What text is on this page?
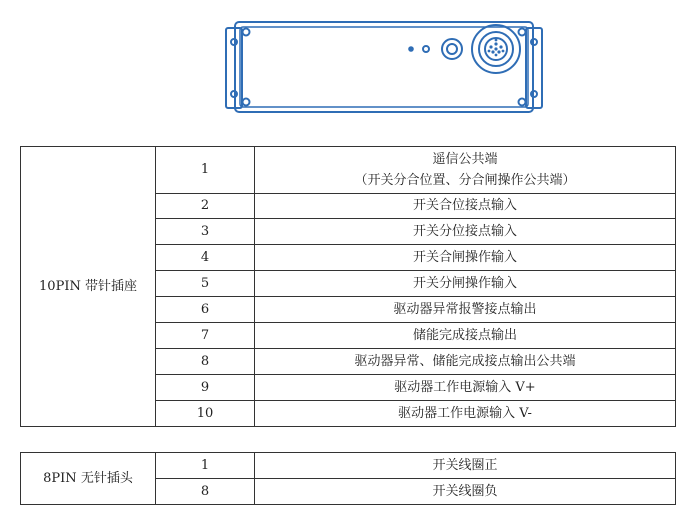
10PIN 带针插座	1	遥信公共端
（开关分合位置、分合闸操作公共端）

	2	开关合位接点输入
	3	开关分位接点输入
	4	开关合闸操作输入
	5	开关分闸操作输入
	6	驱动器异常报警接点输出
	7	储能完成接点输出
	8	驱动器异常、储能完成接点输出公共端
	9	驱动器工作电源输入 V+
	10	驱动器工作电源输入 V-
8PIN 无针插头	1	开关线圈正
	8	开关线圈负
